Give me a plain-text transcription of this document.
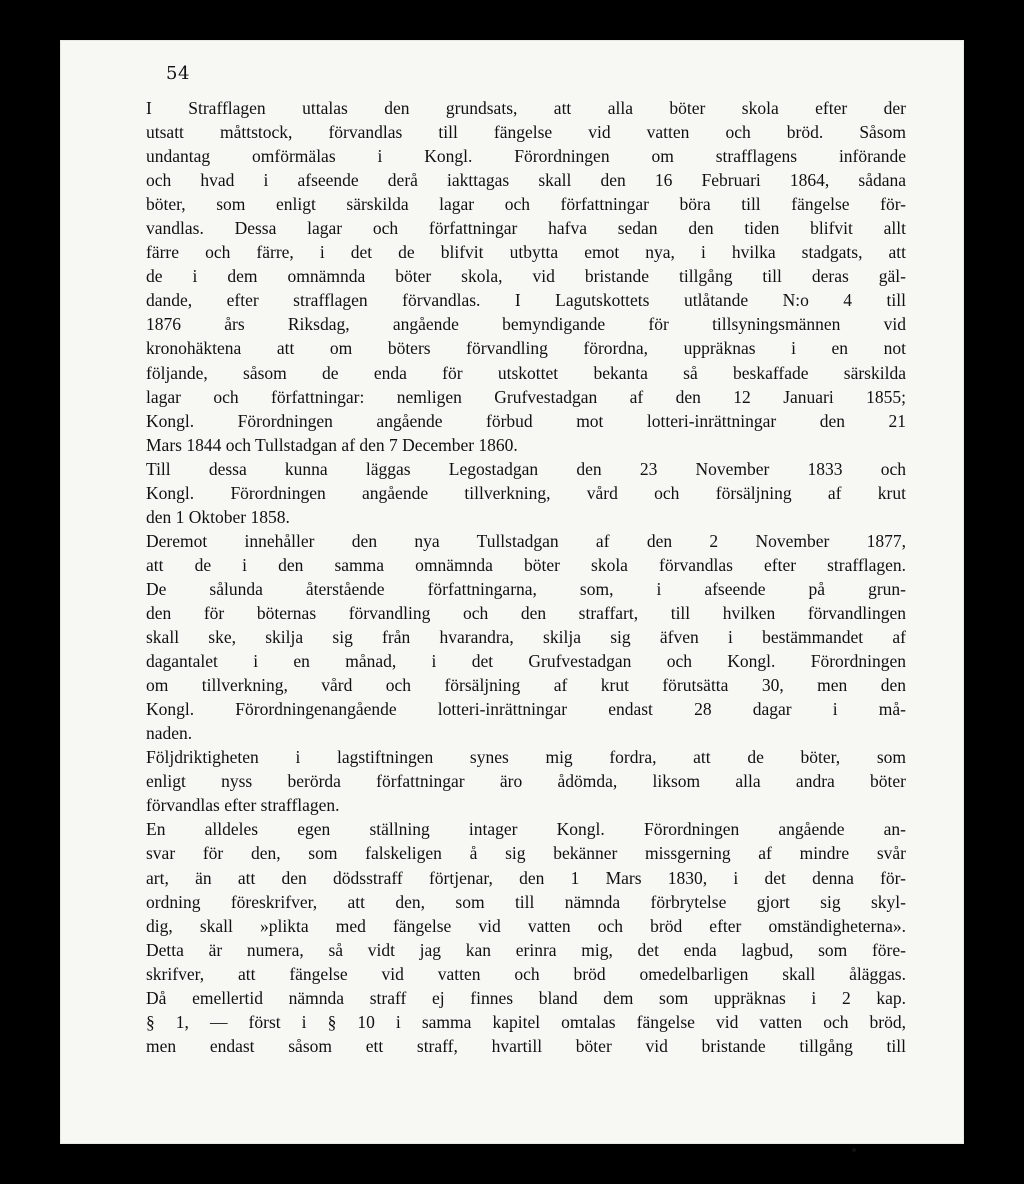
54
I Strafflagen uttalas den grundsats, att alla böter skola efter der
utsatt måttstock, förvandlas till fängelse vid vatten och bröd. Såsom
undantag omförmälas i Kongl. Förordningen om strafflagens införande
och hvad i afseende derå iakttagas skall den 16 Februari 1864, sådana
böter, som enligt särskilda lagar och författningar böra till fängelse för-
vandlas. Dessa lagar och författningar hafva sedan den tiden blifvit allt
färre och färre, i det de blifvit utbytta emot nya, i hvilka stadgats, att
de i dem omnämnda böter skola, vid bristande tillgång till deras gäl-
dande, efter strafflagen förvandlas. I Lagutskottets utlåtande N:o 4 till
1876 års Riksdag, angående bemyndigande för tillsyningsmännen vid
kronohäktena att om böters förvandling förordna, uppräknas i en not
följande, såsom de enda för utskottet bekanta så beskaffade särskilda
lagar och författningar: nemligen Grufvestadgan af den 12 Januari 1855;
Kongl. Förordningen angående förbud mot lotteri-inrättningar den 21
Mars 1844 och Tullstadgan af den 7 December 1860.
Till dessa kunna läggas Legostadgan den 23 November 1833 och
Kongl. Förordningen angående tillverkning, vård och försäljning af krut
den 1 Oktober 1858.
Deremot innehåller den nya Tullstadgan af den 2 November 1877,
att de i den samma omnämnda böter skola förvandlas efter strafflagen.
De sålunda återstående författningarna, som, i afseende på grun-
den för böternas förvandling och den straffart, till hvilken förvandlingen
skall ske, skilja sig från hvarandra, skilja sig äfven i bestämmandet af
dagantalet i en månad, i det Grufvestadgan och Kongl. Förordningen
om tillverkning, vård och försäljning af krut förutsätta 30, men den
Kongl. Förordningenangående lotteri-inrättningar endast 28 dagar i må-
naden.
Följdriktigheten i lagstiftningen synes mig fordra, att de böter, som
enligt nyss berörda författningar äro ådömda, liksom alla andra böter
förvandlas efter strafflagen.
En alldeles egen ställning intager Kongl. Förordningen angående an-
svar för den, som falskeligen å sig bekänner missgerning af mindre svår
art, än att den dödsstraff förtjenar, den 1 Mars 1830, i det denna för-
ordning föreskrifver, att den, som till nämnda förbrytelse gjort sig skyl-
dig, skall »plikta med fängelse vid vatten och bröd efter omständigheterna».
Detta är numera, så vidt jag kan erinra mig, det enda lagbud, som före-
skrifver, att fängelse vid vatten och bröd omedelbarligen skall åläggas.
Då emellertid nämnda straff ej finnes bland dem som uppräknas i 2 kap.
§ 1, — först i § 10 i samma kapitel omtalas fängelse vid vatten och bröd,
men endast såsom ett straff, hvartill böter vid bristande tillgång till
